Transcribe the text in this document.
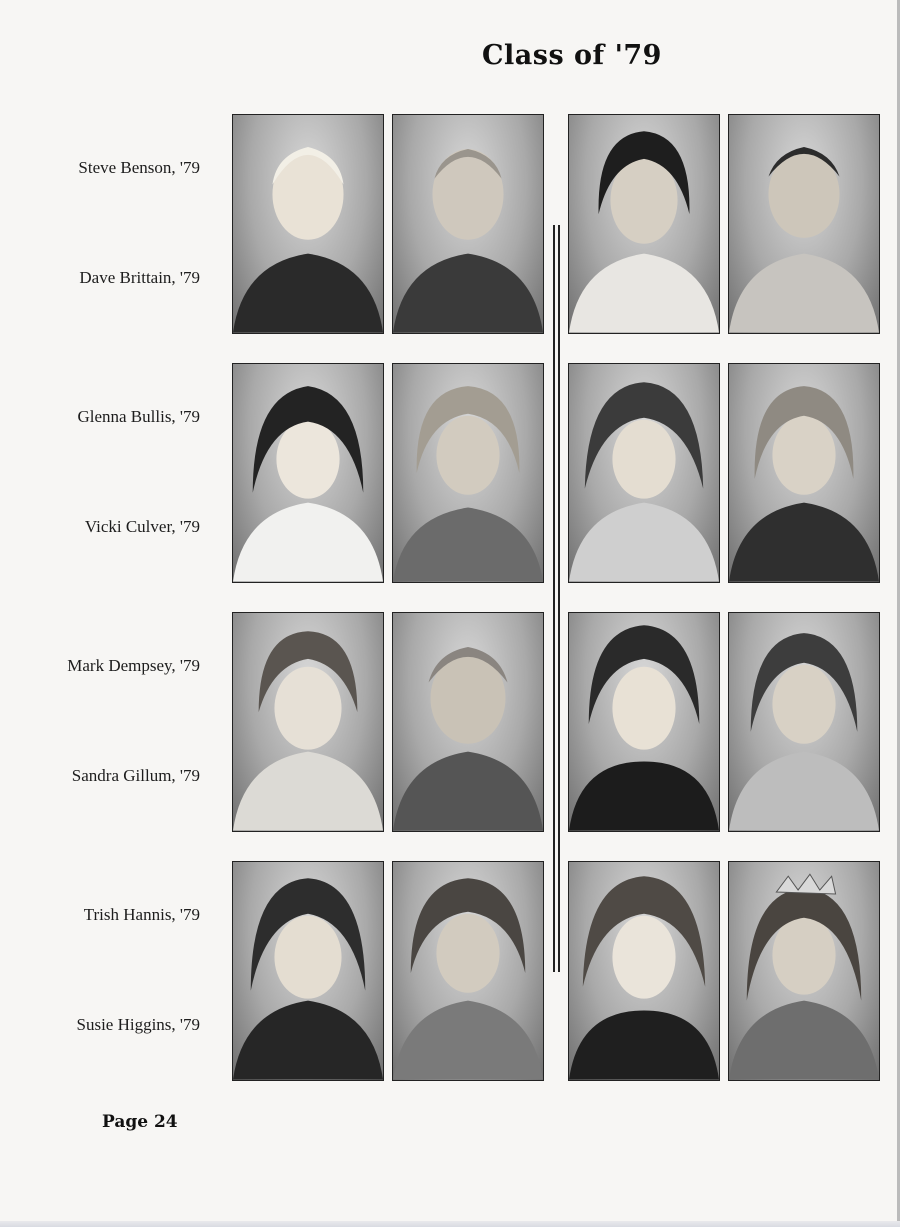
Class of '79
Steve Benson, '79
Dave Brittain, '79
Glenna Bullis, '79
Vicki Culver, '79
Mark Dempsey, '79
Sandra Gillum, '79
Trish Hannis, '79
Susie Higgins, '79
Page 24
